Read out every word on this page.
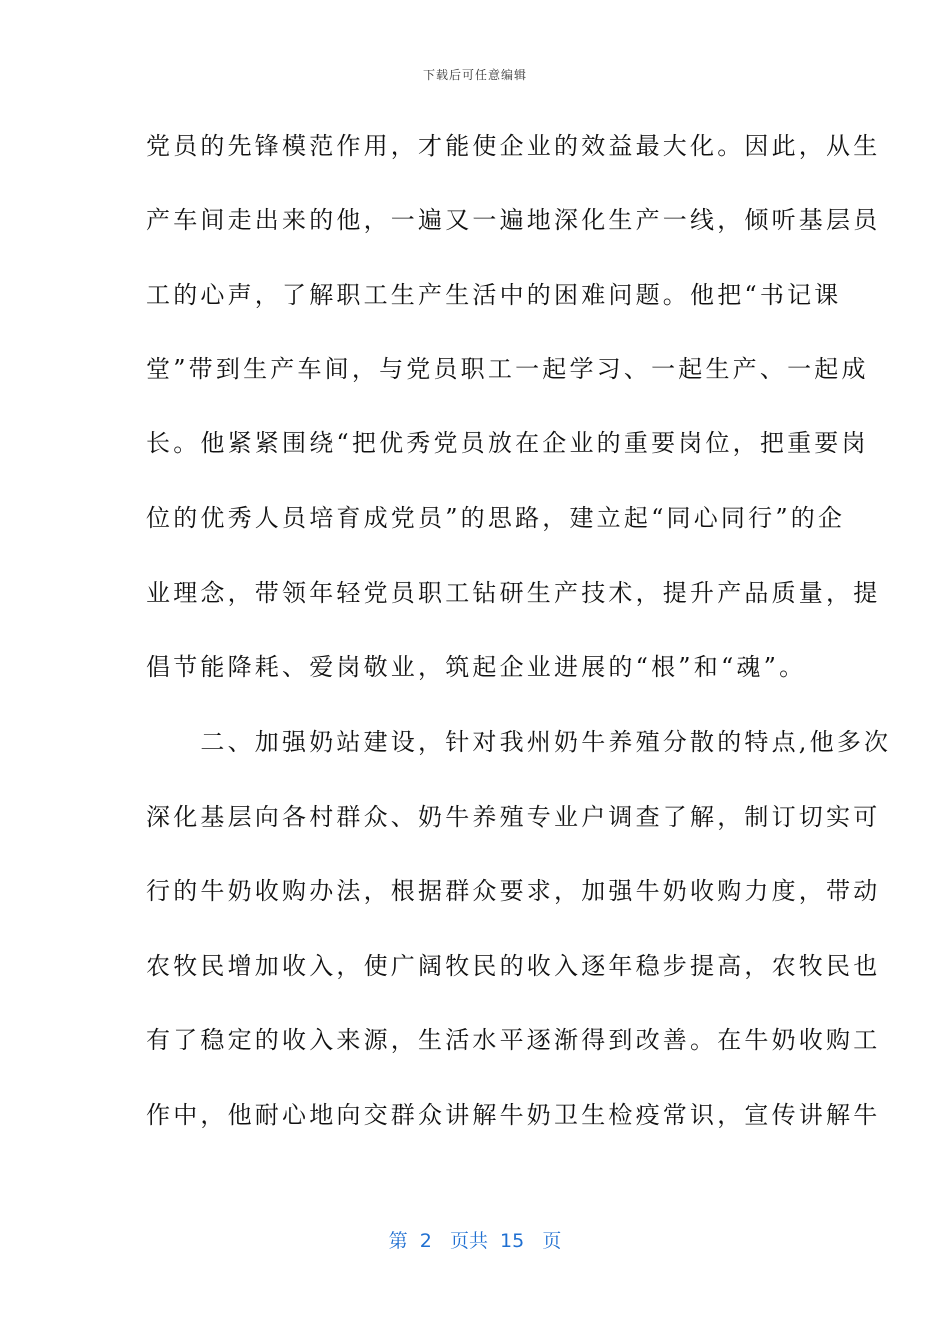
下载后可任意编辑
党员的先锋模范作用，才能使企业的效益最大化。因此，从生
产车间走出来的他，一遍又一遍地深化生产一线，倾听基层员
工的心声，了解职工生产生活中的困难问题。他把“书记课
堂”带到生产车间，与党员职工一起学习、一起生产、一起成
长。他紧紧围绕“把优秀党员放在企业的重要岗位，把重要岗
位的优秀人员培育成党员”的思路，建立起“同心同行”的企
业理念，带领年轻党员职工钻研生产技术，提升产品质量，提
倡节能降耗、爱岗敬业，筑起企业进展的“根”和“魂”。
　　二、加强奶站建设，针对我州奶牛养殖分散的特点,他多次
深化基层向各村群众、奶牛养殖专业户调查了解，制订切实可
行的牛奶收购办法，根据群众要求，加强牛奶收购力度，带动
农牧民增加收入，使广阔牧民的收入逐年稳步提高，农牧民也
有了稳定的收入来源，生活水平逐渐得到改善。在牛奶收购工
作中，他耐心地向交群众讲解牛奶卫生检疫常识，宣传讲解牛
第  2   页共  15   页
